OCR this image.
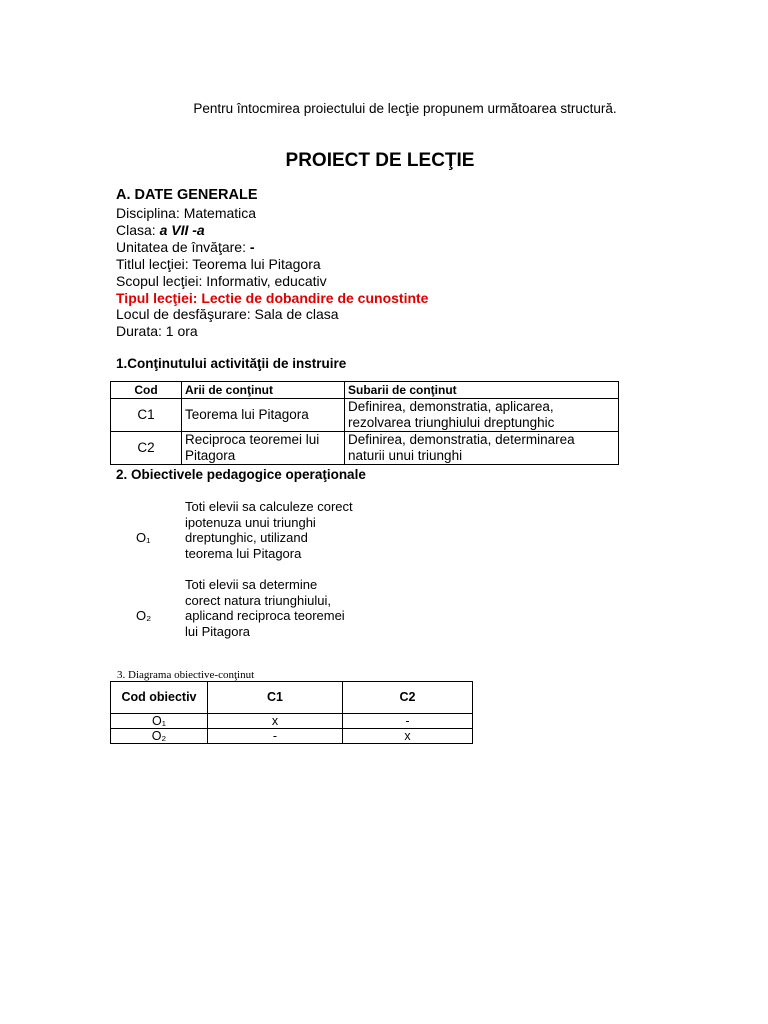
Pentru întocmirea proiectului de lecţie propunem următoarea structură.
PROIECT DE LECŢIE
A. DATE GENERALE
Disciplina: Matematica
Clasa: a VII -a
Unitatea de învăţare: -
Titlul lecţiei: Teorema lui Pitagora
Scopul lecţiei: Informativ, educativ
Tipul lecţiei: Lectie de dobandire de cunostinte
Locul de desfăşurare: Sala de clasa
Durata: 1 ora
1.Conţinutului activităţii de instruire
Cod	Arii de conţinut	Subarii de conţinut
C1	Teorema lui Pitagora	Definirea, demonstratia, aplicarea, rezolvarea triunghiului dreptunghic
C2	Reciproca teoremei lui Pitagora	Definirea, demonstratia, determinarea naturii unui triunghi
2. Obiectivele pedagogice operaţionale
O₁
Toti elevii sa calculeze corect ipotenuza unui triunghi dreptunghic, utilizand teorema lui Pitagora
O₂
Toti elevii sa determine corect natura triunghiului, aplicand reciproca teoremei lui Pitagora
3. Diagrama obiective-conţinut
Cod obiectiv	C1	C2
O₁	x	-
O₂	-	x
